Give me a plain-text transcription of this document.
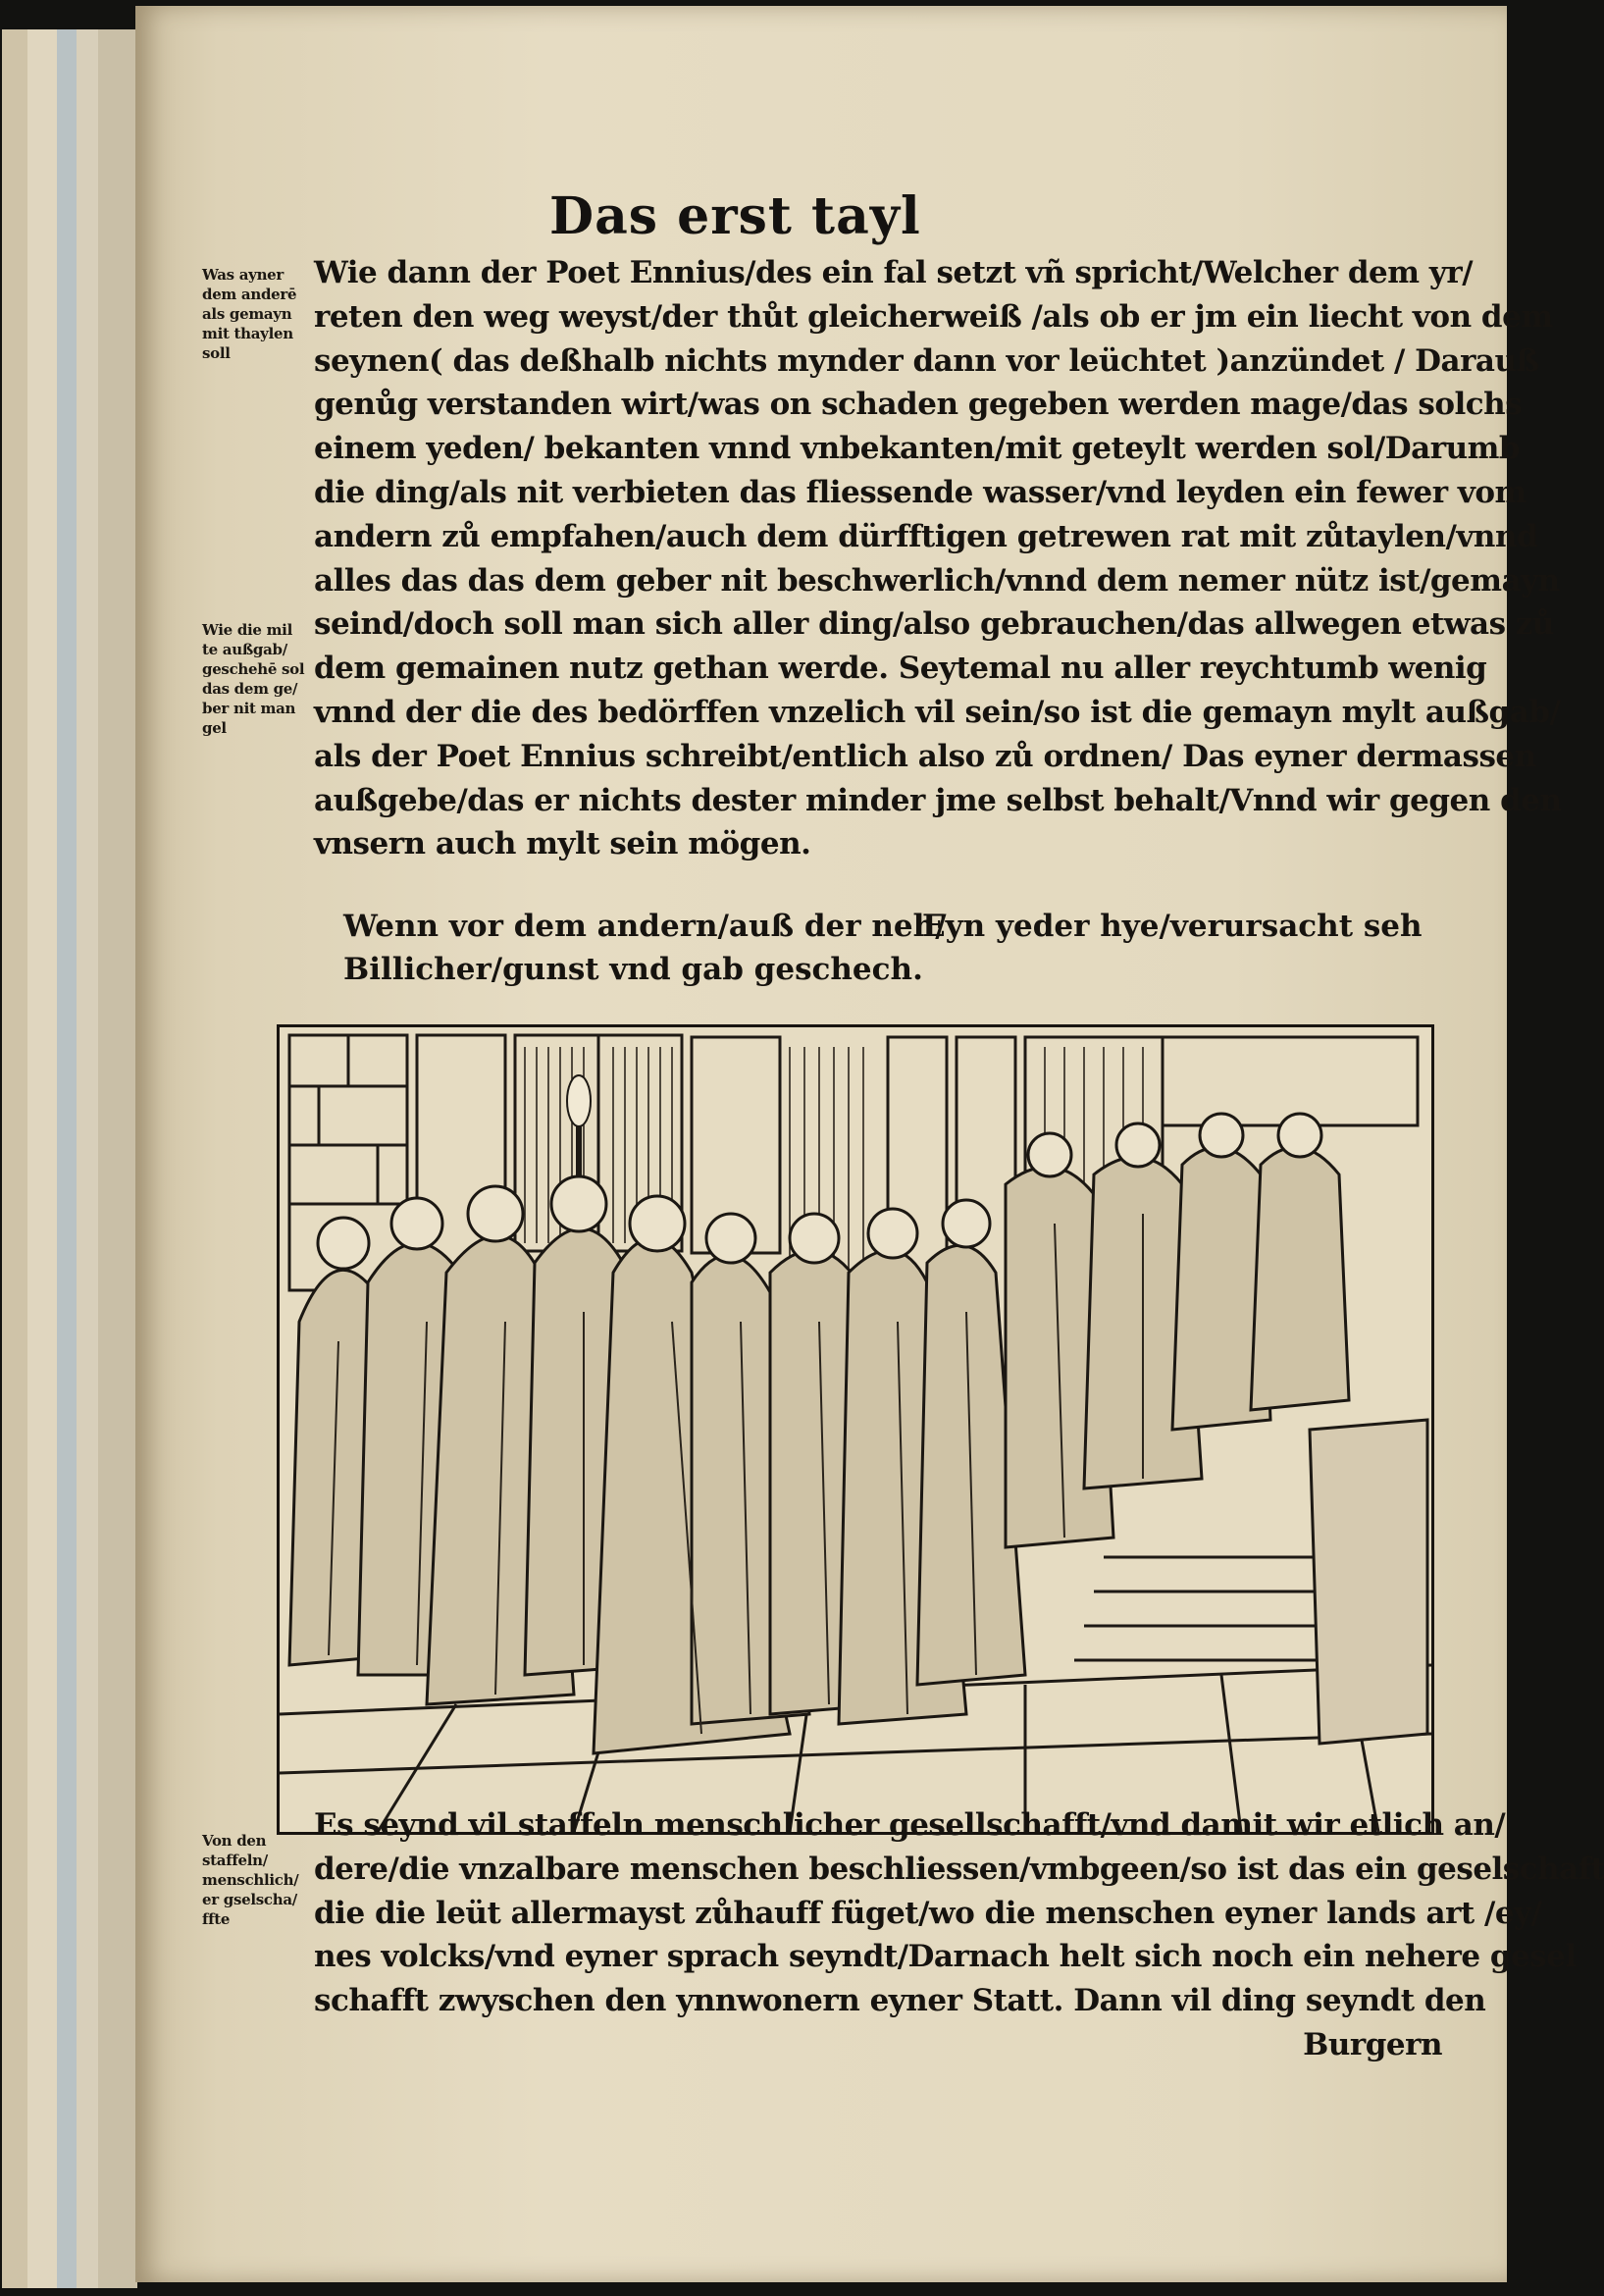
Das erst tayl
Was ayner
dem anderē
als gemayn
mit thaylen
soll
Wie die mil
te außgab/
geschehē sol
das dem ge/
ber nit man
gel
Von den
staffeln/
menschlich/
er gselscha/
ffte
Wie dann der Poet Ennius/des ein fal setzt vñ spricht/Welcher dem yr/
reten den weg weyst/der thůt gleicherweiß /als ob er jm ein liecht von dem
seynen( das deßhalb nichts mynder dann vor leüchtet )anzündet / Darauß
genůg verstanden wirt/was on schaden gegeben werden mage/das solchs
einem yeden/ bekanten vnnd vnbekanten/mit geteylt werden sol/Darumb
die ding/als nit verbieten das fliessende wasser/vnd leyden ein fewer vom
andern zů empfahen/auch dem dürfftigen getrewen rat mit zůtaylen/vnnd
alles das das dem geber nit beschwerlich/vnnd dem nemer nütz ist/gemayn
seind/doch soll man sich aller ding/also gebrauchen/das allwegen etwas zů
dem gemainen nutz gethan werde. Seytemal nu aller reychtumb wenig
vnnd der die des bedörffen vnzelich vil sein/so ist die gemayn mylt außgab/
als der Poet Ennius schreibt/entlich also zů ordnen/ Das eyner dermassen
außgebe/das er nichts dester minder jme selbst behalt/Vnnd wir gegen den
vnsern auch mylt sein mögen.
Wenn vor dem andern/auß der neh/
Billicher/gunst vnd gab geschech.
Eyn yeder hye/verursacht seh
Es seynd vil staffeln menschlicher gesellschafft/vnd damit wir etlich an/
dere/die vnzalbare menschen beschliessen/vmbgeen/so ist das ein geselschaft
die die leüt allermayst zůhauff füget/wo die menschen eyner lands art /ey/
nes volcks/vnd eyner sprach seyndt/Darnach helt sich noch ein nehere gesel
schafft zwyschen den ynnwonern eyner Statt. Dann vil ding seyndt den
Burgern
